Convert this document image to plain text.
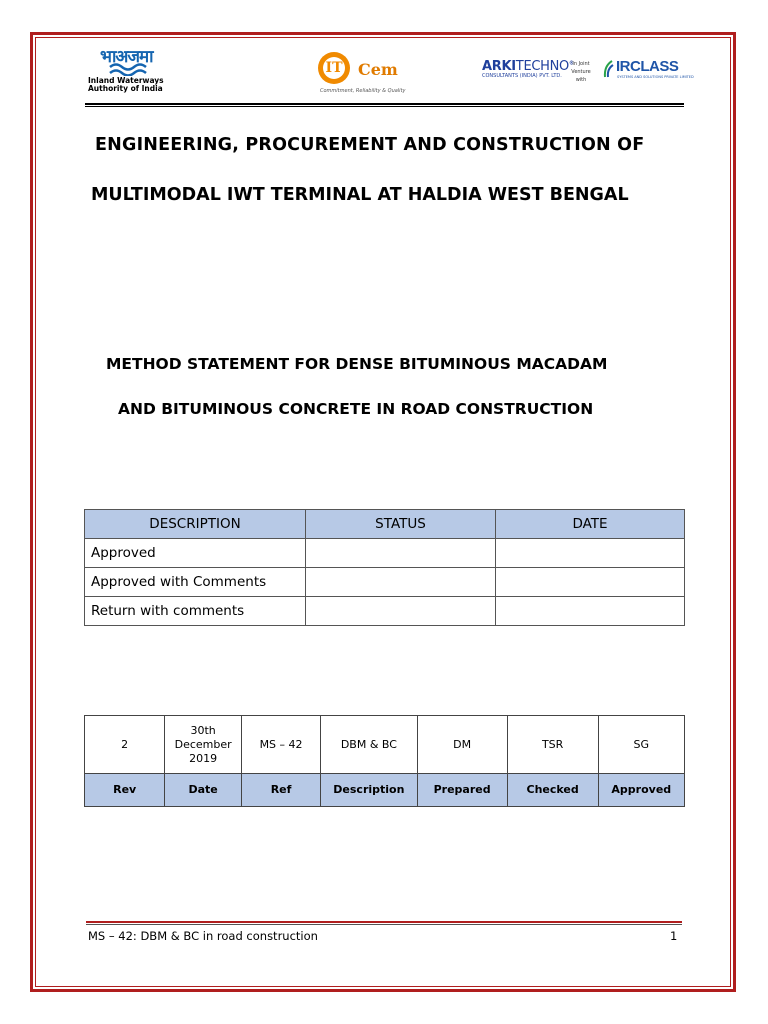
भाअजमा
Inland Waterways
Authority of India
IT Cem
Commitment, Reliability & Quality
ARKITECHNO®
CONSULTANTS (INDIA) PVT. LTD.
In Joint Venture
with
IRCLASS
SYSTEMS AND SOLUTIONS PRIVATE LIMITED
ENGINEERING, PROCUREMENT AND CONSTRUCTION OF
MULTIMODAL IWT TERMINAL AT HALDIA WEST BENGAL
METHOD STATEMENT FOR DENSE BITUMINOUS MACADAM
AND BITUMINOUS CONCRETE IN ROAD CONSTRUCTION
DESCRIPTION	STATUS	DATE
Approved		
Approved with Comments		
Return with comments		
2	30th
December
2019	MS – 42	DBM & BC	DM	TSR	SG
Rev	Date	Ref	Description	Prepared	Checked	Approved
MS – 42: DBM & BC in road construction	1
